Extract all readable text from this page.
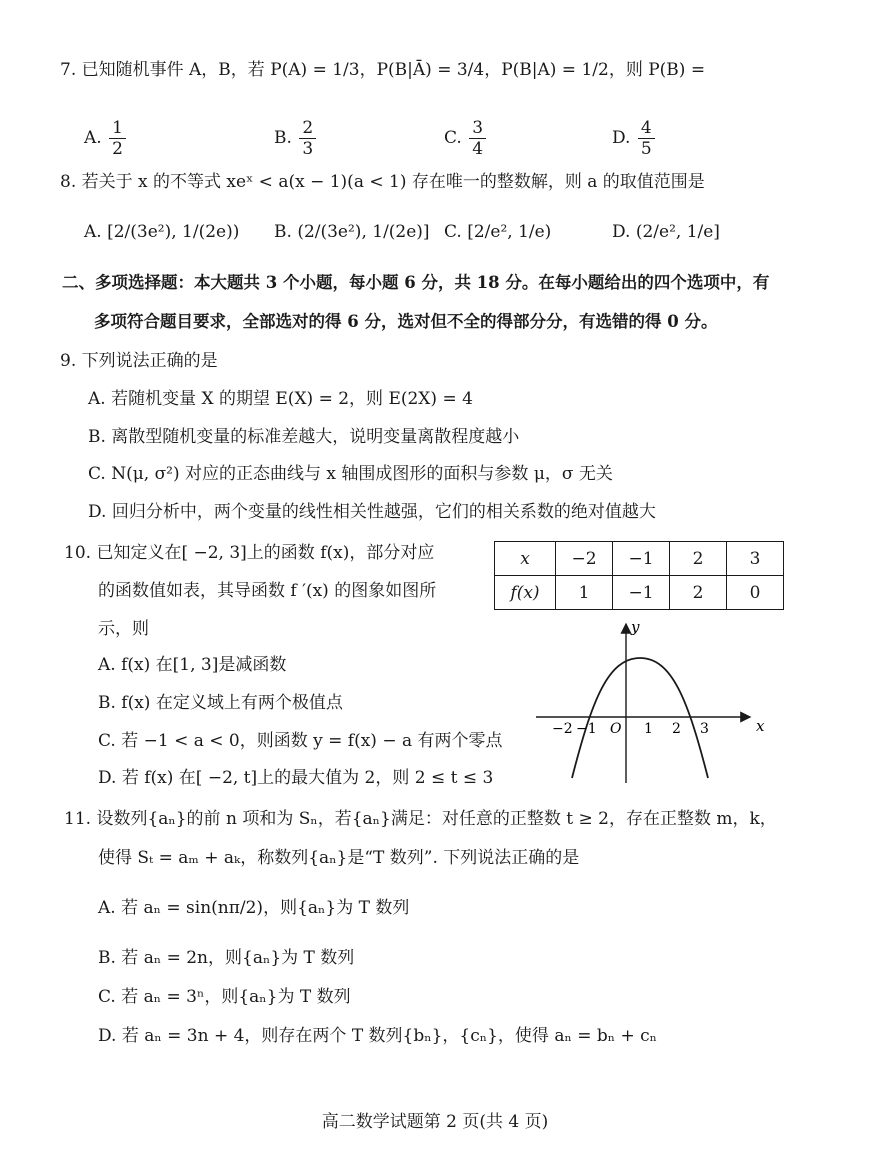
7. 已知随机事件 A，B，若 P(A) = 1/3，P(B|Ā) = 3/4，P(B|A) = 1/2，则 P(B) =
A. $\frac{1}{2}$	B. $\frac{2}{3}$	C. $\frac{3}{4}$	D. $\frac{4}{5}$
8. 若关于 x 的不等式 xeˣ < a(x − 1)(a < 1) 存在唯一的整数解，则 a 的取值范围是
A. [2/(3e²), 1/(2e)) B. (2/(3e²), 1/(2e)] C. [2/e², 1/e)	D. (2/e², 1/e]
二、多项选择题：本大题共 3 个小题，每小题 6 分，共 18 分。在每小题给出的四个选项中，有
多项符合题目要求，全部选对的得 6 分，选对但不全的得部分分，有选错的得 0 分。
9. 下列说法正确的是
A. 若随机变量 X 的期望 E(X) = 2，则 E(2X) = 4
B. 离散型随机变量的标准差越大，说明变量离散程度越小
C. N(μ, σ²) 对应的正态曲线与 x 轴围成图形的面积与参数 μ，σ 无关
D. 回归分析中，两个变量的线性相关性越强，它们的相关系数的绝对值越大
10. 已知定义在[ −2, 3]上的函数 f(x)，部分对应
的函数值如表，其导函数 f ′(x) 的图象如图所
示，则
A. f(x) 在[1, 3]是减函数
B. f(x) 在定义域上有两个极值点
C. 若 −1 < a < 0，则函数 y = f(x) − a 有两个零点
D. 若 f(x) 在[ −2, t]上的最大值为 2，则 2 ≤ t ≤ 3
x	−2	−1	2	3
f(x)	1	−1	2	0
x
y
O
−2 −1	1 2 3
11. 设数列{aₙ}的前 n 项和为 Sₙ，若{aₙ}满足：对任意的正整数 t ≥ 2，存在正整数 m，k，
使得 Sₜ = aₘ + aₖ，称数列{aₙ}是“T 数列”. 下列说法正确的是
A. 若 aₙ = sin(nπ/2)，则{aₙ}为 T 数列
B. 若 aₙ = 2n，则{aₙ}为 T 数列
C. 若 aₙ = 3ⁿ，则{aₙ}为 T 数列
D. 若 aₙ = 3n + 4，则存在两个 T 数列{bₙ}，{cₙ}，使得 aₙ = bₙ + cₙ
高二数学试题第 2 页(共 4 页)
